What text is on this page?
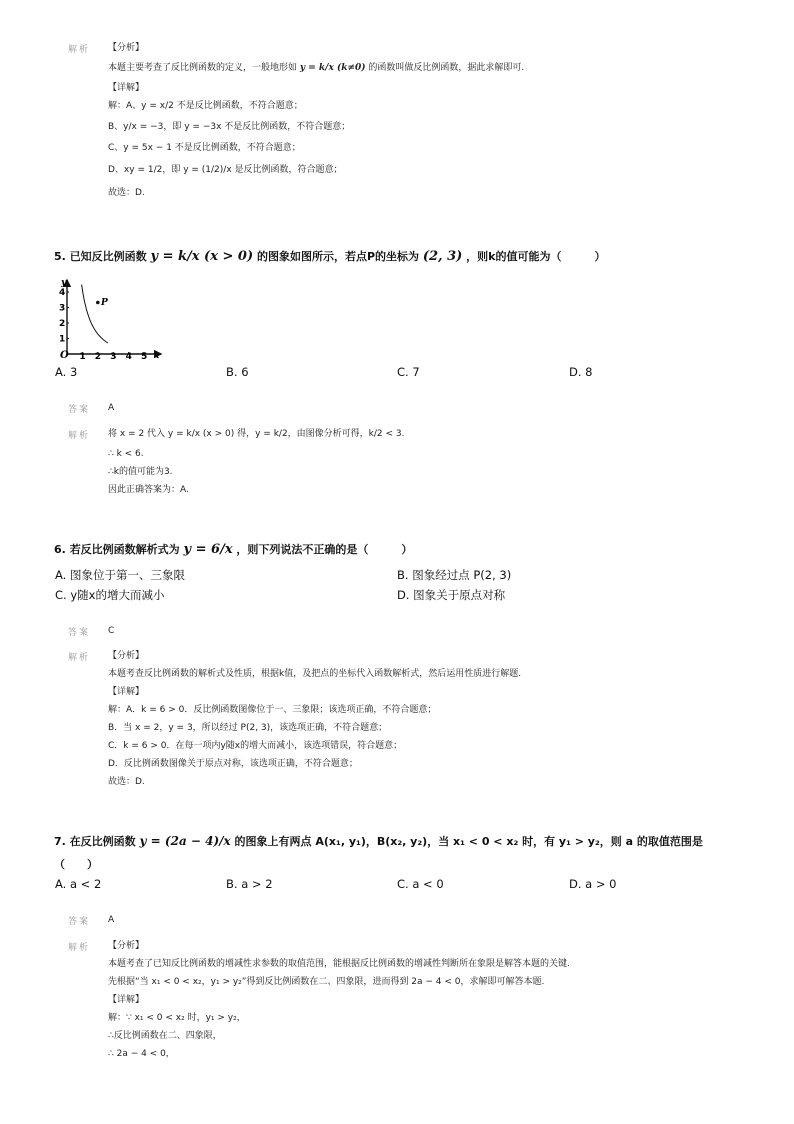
解析 【分析】
本题主要考查了反比例函数的定义，一般地形如 y = k/x (k≠0) 的函数叫做反比例函数，据此求解即可.
【详解】
解：A、y = x/2 不是反比例函数，不符合题意；
B、y/x = −3，即 y = −3x 不是反比例函数，不符合题意；
C、y = 5x − 1 不是反比例函数，不符合题意；
D、xy = 1/2，即 y = (1/2)/x 是反比例函数，符合题意；
故选：D.
5. 已知反比例函数 y = k/x (x > 0) 的图象如图所示，若点P的坐标为 (2, 3) ，则k的值可能为（　　　）
O	x
y
1 2 3 4 5
1
2
3
4
P
A. 3	B. 6	C. 7	D. 8
答案 A
解析 将 x = 2 代入 y = k/x (x > 0) 得，y = k/2，由图像分析可得，k/2 < 3.
∴ k < 6.
∴k的值可能为3.
因此正确答案为：A.
6. 若反比例函数解析式为 y = 6/x ，则下列说法不正确的是（　　　）
A. 图象位于第一、三象限	B. 图象经过点 P(2, 3)
C. y随x的增大而减小	D. 图象关于原点对称
答案 C
解析 【分析】
本题考查反比例函数的解析式及性质，根据k值，及把点的坐标代入函数解析式，然后运用性质进行解题.
【详解】
解：A．k = 6 > 0．反比例函数图像位于一、三象限；该选项正确，不符合题意；
B．当 x = 2，y = 3，所以经过 P(2, 3)，该选项正确，不符合题意；
C．k = 6 > 0．在每一项内y随x的增大而减小，该选项错误，符合题意；
D．反比例函数图像关于原点对称，该选项正确，不符合题意；
故选：D.
7. 在反比例函数 y = (2a − 4)/x 的图象上有两点 A(x₁, y₁)，B(x₂, y₂)，当 x₁ < 0 < x₂ 时，有 y₁ > y₂，则 a 的取值范围是
（　　）
A. a < 2	B. a > 2	C. a < 0	D. a > 0
答案 A
解析 【分析】
本题考查了已知反比例函数的增减性求参数的取值范围，能根据反比例函数的增减性判断所在象限是解答本题的关键.
先根据“当 x₁ < 0 < x₂，y₁ > y₂”得到反比例函数在二、四象限，进而得到 2a − 4 < 0，求解即可解答本题.
【详解】
解：∵ x₁ < 0 < x₂ 时，y₁ > y₂，
∴反比例函数在二、四象限，
∴ 2a − 4 < 0，
